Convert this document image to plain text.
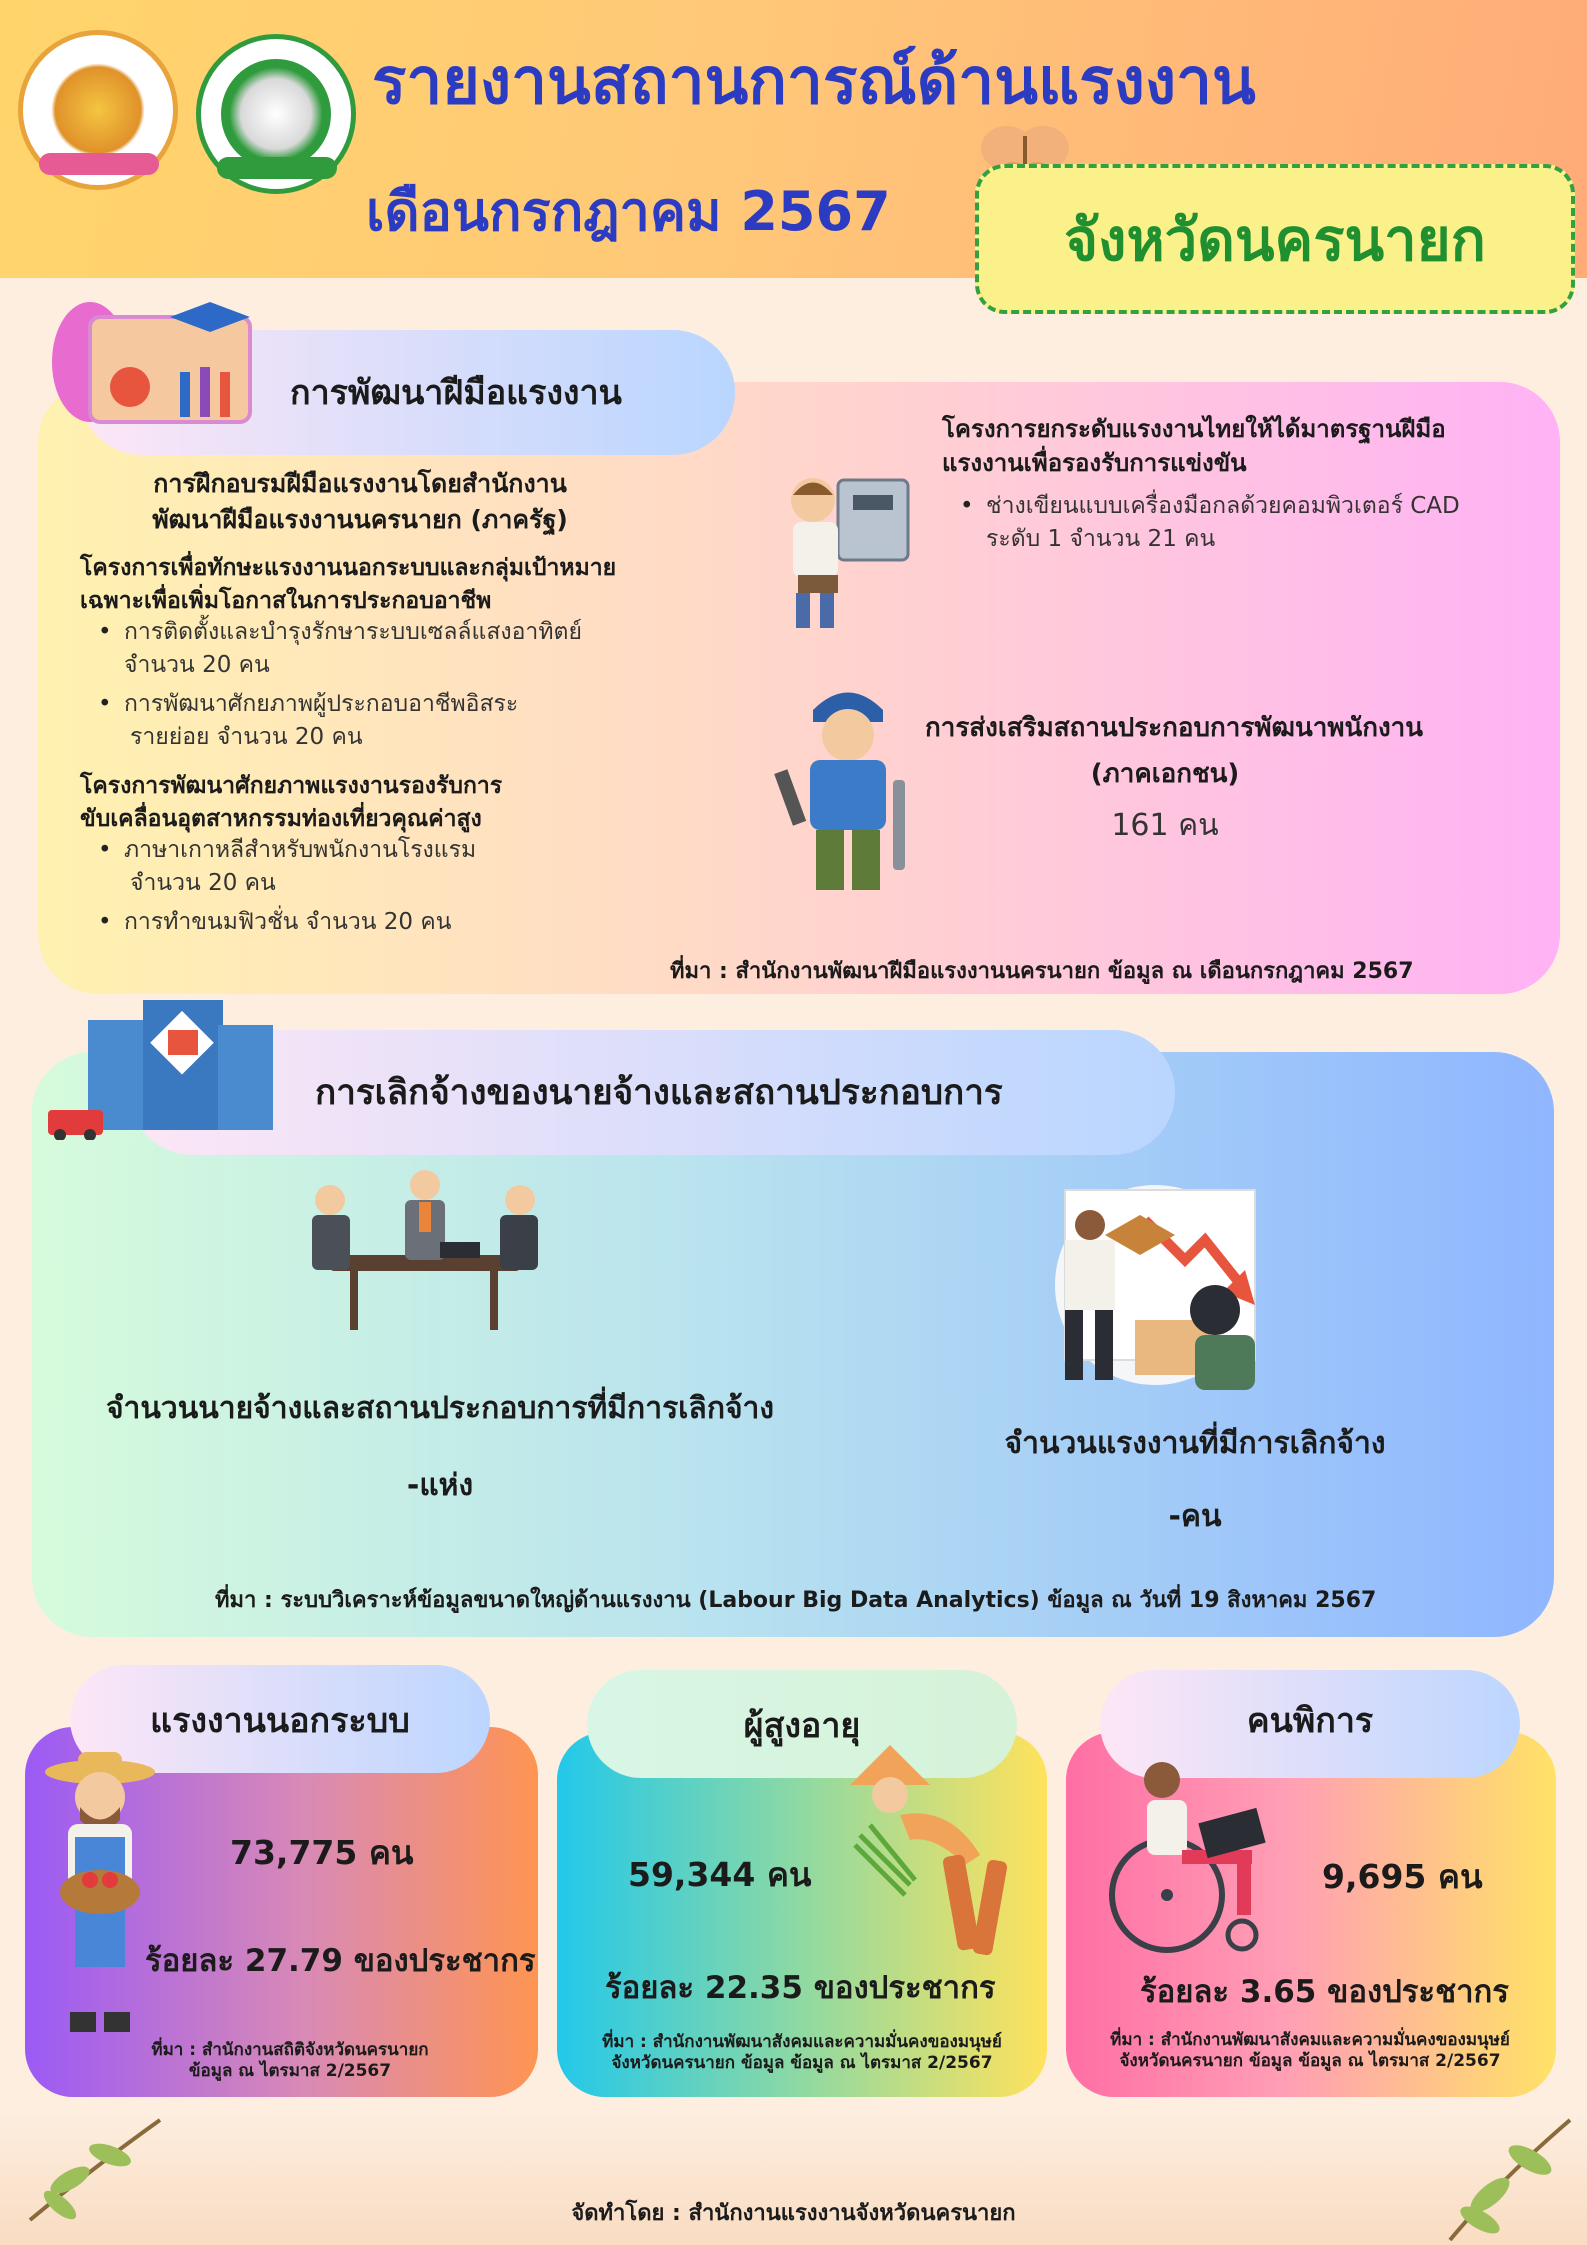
รายงานสถานการณ์ด้านแรงงาน
เดือนกรกฎาคม 2567	จังหวัดนครนายก
การพัฒนาฝีมือแรงงาน
การฝึกอบรมฝีมือแรงงานโดยสำนักงาน
พัฒนาฝีมือแรงงานนครนายก (ภาครัฐ)
โครงการเพื่อทักษะแรงงานนอกระบบและกลุ่มเป้าหมาย
เฉพาะเพื่อเพิ่มโอกาสในการประกอบอาชีพ
• การติดตั้งและบำรุงรักษาระบบเซลล์แสงอาทิตย์
จำนวน 20 คน
• การพัฒนาศักยภาพผู้ประกอบอาชีพอิสระ
รายย่อย จำนวน 20 คน
โครงการพัฒนาศักยภาพแรงงานรองรับการ
ขับเคลื่อนอุตสาหกรรมท่องเที่ยวคุณค่าสูง
• ภาษาเกาหลีสำหรับพนักงานโรงแรม
จำนวน 20 คน
• การทำขนมฟิวชั่น จำนวน 20 คน
โครงการยกระดับแรงงานไทยให้ได้มาตรฐานฝีมือ
แรงงานเพื่อรองรับการแข่งขัน
• ช่างเขียนแบบเครื่องมือกลด้วยคอมพิวเตอร์ CAD
ระดับ 1 จำนวน 21 คน
การส่งเสริมสถานประกอบการพัฒนาพนักงาน
(ภาคเอกชน)
161 คน
ที่มา : สำนักงานพัฒนาฝีมือแรงงานนครนายก ข้อมูล ณ เดือนกรกฎาคม 2567
การเลิกจ้างของนายจ้างและสถานประกอบการ
จำนวนนายจ้างและสถานประกอบการที่มีการเลิกจ้าง
-แห่ง
จำนวนแรงงานที่มีการเลิกจ้าง
-คน
ที่มา : ระบบวิเคราะห์ข้อมูลขนาดใหญ่ด้านแรงงาน (Labour Big Data Analytics) ข้อมูล ณ วันที่ 19 สิงหาคม 2567
แรงงานนอกระบบ
73,775 คน
ร้อยละ 27.79 ของประชากร
ที่มา : สำนักงานสถิติจังหวัดนครนายก
ข้อมูล ณ ไตรมาส 2/2567
ผู้สูงอายุ
59,344 คน
ร้อยละ 22.35 ของประชากร
ที่มา : สำนักงานพัฒนาสังคมและความมั่นคงของมนุษย์
จังหวัดนครนายก ข้อมูล ข้อมูล ณ ไตรมาส 2/2567
คนพิการ
9,695 คน
ร้อยละ 3.65 ของประชากร
ที่มา : สำนักงานพัฒนาสังคมและความมั่นคงของมนุษย์
จังหวัดนครนายก ข้อมูล ข้อมูล ณ ไตรมาส 2/2567
จัดทำโดย : สำนักงานแรงงานจังหวัดนครนายก
